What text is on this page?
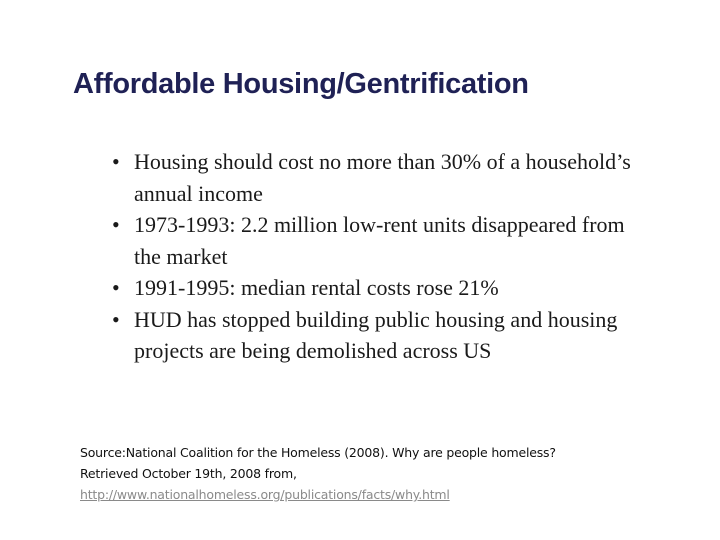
Affordable Housing/Gentrification
• Housing should cost no more than 30% of a household’s annual income
• 1973-1993: 2.2 million low-rent units disappeared from the market
• 1991-1995: median rental costs rose 21%
• HUD has stopped building public housing and housing projects are being demolished across US
Source:National Coalition for the Homeless (2008). Why are people homeless?
Retrieved October 19th, 2008 from,
http://www.nationalhomeless.org/publications/facts/why.html
